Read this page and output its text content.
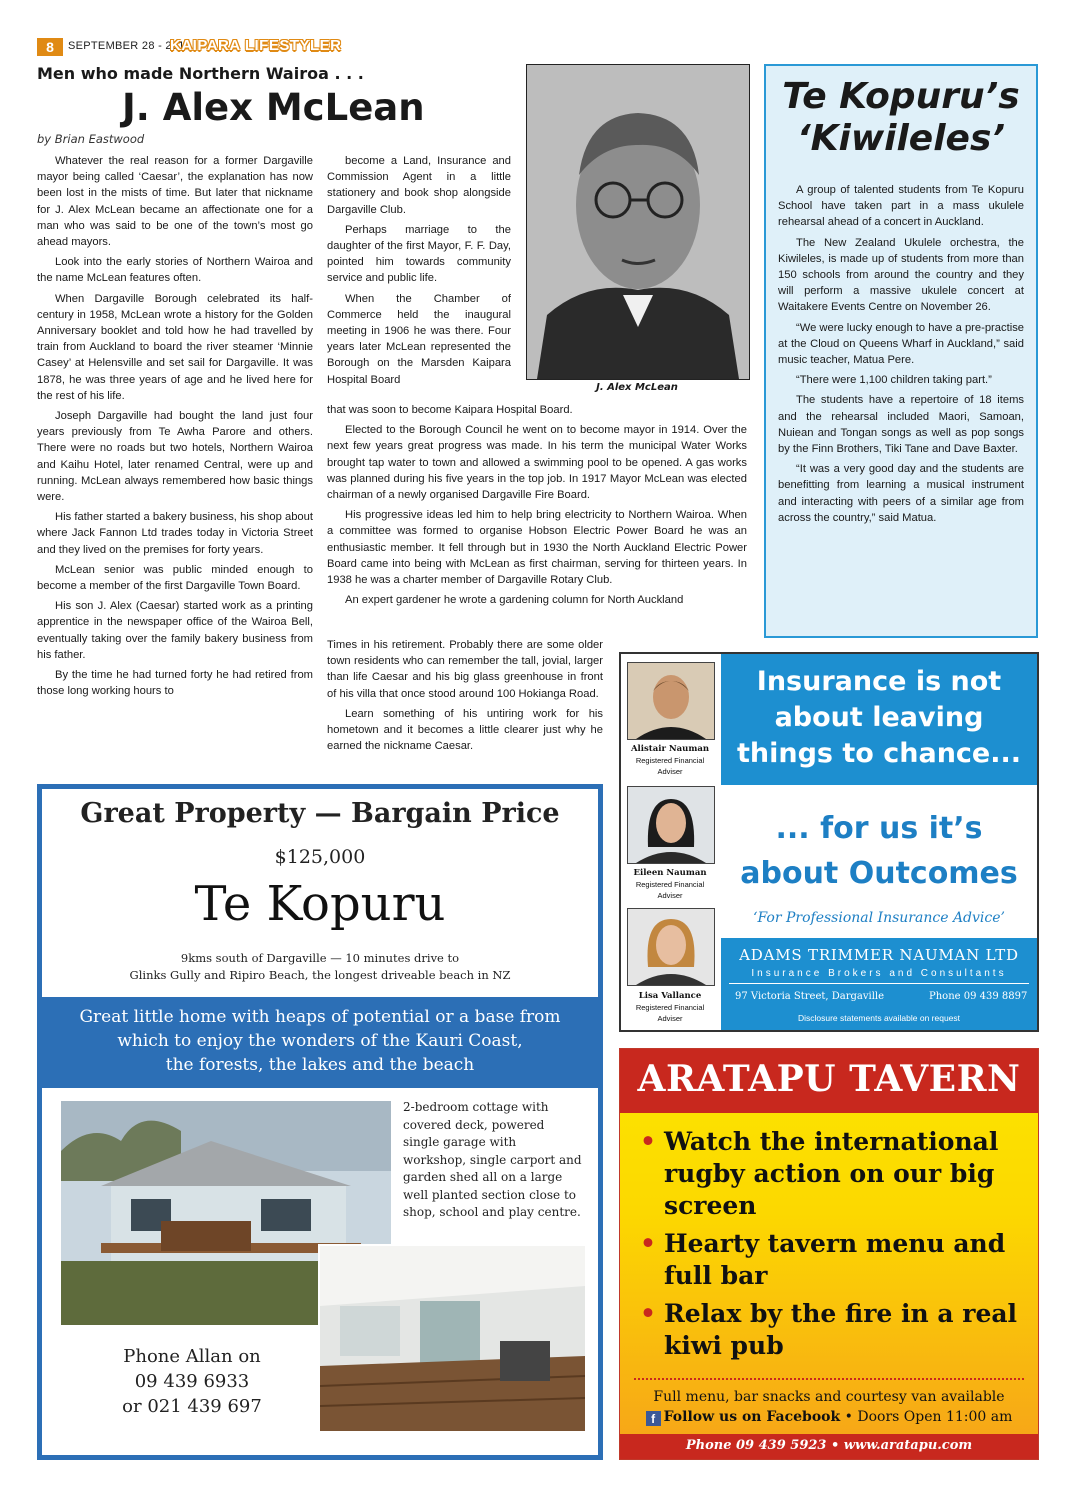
8	SEPTEMBER 28 - 2011
KAIPARA LIFESTYLER
Men who made Northern Wairoa . . .
J. Alex McLean
by Brian Eastwood

Whatever the real reason for a former Dargaville mayor being called ‘Caesar’, the explanation has now been lost in the mists of time. But later that nickname for J. Alex McLean became an affectionate one for a man who was said to be one of the town’s most go ahead mayors.

Look into the early stories of Northern Wairoa and the name McLean features often.

When Dargaville Borough celebrated its half-century in 1958, McLean wrote a history for the Golden Anniversary booklet and told how he had travelled by train from Auckland to board the river steamer ‘Minnie Casey’ at Helensville and set sail for Dargaville. It was 1878, he was three years of age and he lived here for the rest of his life.

Joseph Dargaville had bought the land just four years previously from Te Awha Parore and others. There were no roads but two hotels, Northern Wairoa and Kaihu Hotel, later renamed Central, were up and running. McLean always remembered how basic things were.

His father started a bakery business, his shop about where Jack Fannon Ltd trades today in Victoria Street and they lived on the premises for forty years.

McLean senior was public minded enough to become a member of the first Dargaville Town Board.

His son J. Alex (Caesar) started work as a printing apprentice in the newspaper office of the Wairoa Bell, eventually taking over the family bakery business from his father.

By the time he had turned forty he had retired from those long working hours to

become a Land, Insurance and Commission Agent in a little stationery and book shop alongside Dargaville Club.

Perhaps marriage to the daughter of the first Mayor, F. F. Day, pointed him towards community service and public life.

When the Chamber of Commerce held the inaugural meeting in 1906 he was there. Four years later McLean represented the Borough on the Marsden Kaipara Hospital Board

J. Alex McLean

that was soon to become Kaipara Hospital Board.

Elected to the Borough Council he went on to become mayor in 1914. Over the next few years great progress was made. In his term the municipal Water Works brought tap water to town and allowed a swimming pool to be opened. A gas works was planned during his five years in the top job. In 1917 Mayor McLean was elected chairman of a newly organised Dargaville Fire Board.

His progressive ideas led him to help bring electricity to Northern Wairoa. When a committee was formed to organise Hobson Electric Power Board he was an enthusiastic member. It fell through but in 1930 the North Auckland Electric Power Board came into being with McLean as first chairman, serving for thirteen years. In 1938 he was a charter member of Dargaville Rotary Club.

An expert gardener he wrote a gardening column for North Auckland

Times in his retirement. Probably there are some older town residents who can remember the tall, jovial, larger than life Caesar and his big glass greenhouse in front of his villa that once stood around 100 Hokianga Road.

Learn something of his untiring work for his hometown and it becomes a little clearer just why he earned the nickname Caesar.

Te Kopuru’s
‘Kiwileles’

A group of talented students from Te Kopuru School have taken part in a mass ukulele rehearsal ahead of a concert in Auckland.

The New Zealand Ukulele orchestra, the Kiwileles, is made up of students from more than 150 schools from around the country and they will perform a massive ukulele concert at Waitakere Events Centre on November 26.

“We were lucky enough to have a pre-practise at the Cloud on Queens Wharf in Auckland,” said music teacher, Matua Pere.

“There were 1,100 children taking part.”

The students have a repertoire of 18 items and the rehearsal included Maori, Samoan, Nuiean and Tongan songs as well as pop songs by the Finn Brothers, Tiki Tane and Dave Baxter.

“It was a very good day and the students are benefitting from learning a musical instrument and interacting with peers of a similar age from across the country,” said Matua.

Alistair Nauman
Registered Financial
Adviser
Eileen Nauman
Registered Financial
Adviser
Lisa Vallance
Registered Financial
Adviser
Insurance is not
about leaving
things to chance...
... for us it’s
about Outcomes
‘For Professional Insurance Advice’
ADAMS TRIMMER NAUMAN LTD
Insurance Brokers and Consultants
97 Victoria Street, Dargaville	Phone 09 439 8897
Disclosure statements available on request
Great Property — Bargain Price
$125,000
Te Kopuru
9kms south of Dargaville — 10 minutes drive to
Glinks Gully and Ripiro Beach, the longest driveable beach in NZ
Great little home with heaps of potential or a base from
which to enjoy the wonders of the Kauri Coast,
the forests, the lakes and the beach
2-bedroom cottage with covered deck, powered single garage with workshop, single carport and garden shed all on a large well planted section close to shop, school and play centre.
Phone Allan on
09 439 6933
or 021 439 697
ARATAPU TAVERN
• Watch the international rugby action on our big screen
• Hearty tavern menu and full bar
• Relax by the fire in a real kiwi pub
Full menu, bar snacks and courtesy van available
f Follow us on Facebook • Doors Open 11:00 am
Phone 09 439 5923 • www.aratapu.com
